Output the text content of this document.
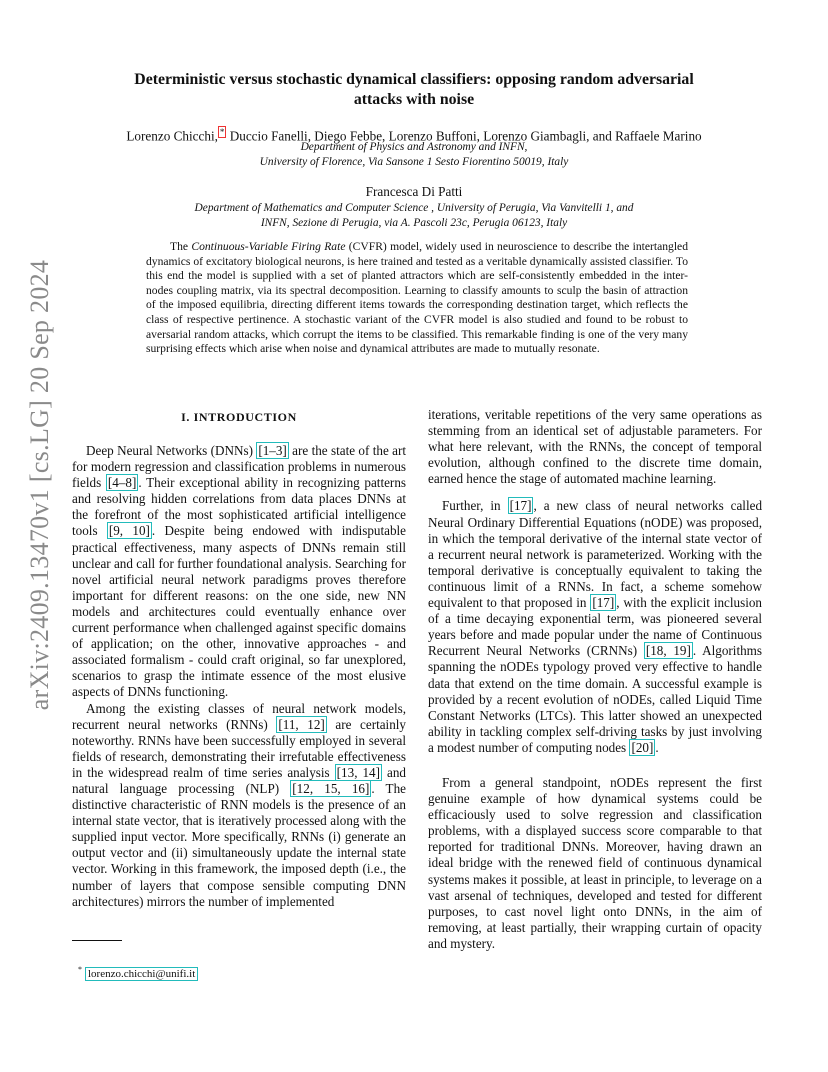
arXiv:2409.13470v1 [cs.LG] 20 Sep 2024
Deterministic versus stochastic dynamical classifiers: opposing random adversarial
attacks with noise
Lorenzo Chicchi, * Duccio Fanelli, Diego Febbe, Lorenzo Buffoni, Lorenzo Giambagli, and Raffaele Marino
Department of Physics and Astronomy and INFN,
University of Florence, Via Sansone 1 Sesto Fiorentino 50019, Italy
Francesca Di Patti
Department of Mathematics and Computer Science , University of Perugia, Via Vanvitelli 1, and
INFN, Sezione di Perugia, via A. Pascoli 23c, Perugia 06123, Italy

The Continuous-Variable Firing Rate (CVFR) model, widely used in neuroscience to describe the intertangled dynamics of excitatory biological neurons, is here trained and tested as a veritable dynamically assisted classifier. To this end the model is supplied with a set of planted attractors which are self-consistently embedded in the inter-nodes coupling matrix, via its spectral decomposition. Learning to classify amounts to sculp the basin of attraction of the imposed equilibria, directing different items towards the corresponding destination target, which reflects the class of respective pertinence. A stochastic variant of the CVFR model is also studied and found to be robust to aversarial random attacks, which corrupt the items to be classified. This remarkable finding is one of the very many surprising effects which arise when noise and dynamical attributes are made to mutually resonate.

I. INTRODUCTION

Deep Neural Networks (DNNs) [1–3] are the state of the art for modern regression and classification problems in numerous fields [4–8] . Their exceptional ability in recognizing patterns and resolving hidden correlations from data places DNNs at the forefront of the most sophisticated artificial intelligence tools [9, 10] . Despite being endowed with indisputable practical effectiveness, many aspects of DNNs remain still unclear and call for further foundational analysis. Searching for novel artificial neural network paradigms proves therefore important for different reasons: on the one side, new NN models and architectures could eventually enhance over current performance when challenged against specific domains of application; on the other, innovative approaches - and associated formalism - could craft original, so far unexplored, scenarios to grasp the intimate essence of the most elusive aspects of DNNs functioning.

Among the existing classes of neural network models, recurrent neural networks (RNNs) [11, 12] are certainly noteworthy. RNNs have been successfully employed in several fields of research, demonstrating their irrefutable effectiveness in the widespread realm of time series analysis [13, 14] and natural language processing (NLP) [12, 15, 16] . The distinctive characteristic of RNN models is the presence of an internal state vector, that is iteratively processed along with the supplied input vector. More specifically, RNNs (i) generate an output vector and (ii) simultaneously update the internal state vector. Working in this framework, the imposed depth (i.e., the number of layers that compose sensible computing DNN architectures) mirrors the number of implemented

iterations, veritable repetitions of the very same operations as stemming from an identical set of adjustable parameters. For what here relevant, with the RNNs, the concept of temporal evolution, although confined to the discrete time domain, earned hence the stage of automated machine learning.

Further, in [17] , a new class of neural networks called Neural Ordinary Differential Equations (nODE) was proposed, in which the temporal derivative of the internal state vector of a recurrent neural network is parameterized. Working with the temporal derivative is conceptually equivalent to taking the continuous limit of a RNNs. In fact, a scheme somehow equivalent to that proposed in [17] , with the explicit inclusion of a time decaying exponential term, was pioneered several years before and made popular under the name of Continuous Recurrent Neural Networks (CRNNs) [18, 19] . Algorithms spanning the nODEs typology proved very effective to handle data that extend on the time domain. A successful example is provided by a recent evolution of nODEs, called Liquid Time Constant Networks (LTCs). This latter showed an unexpected ability in tackling complex self-driving tasks by just involving a modest number of computing nodes [20] .

From a general standpoint, nODEs represent the first genuine example of how dynamical systems could be efficaciously used to solve regression and classification problems, with a displayed success score comparable to that reported for traditional DNNs. Moreover, having drawn an ideal bridge with the renewed field of continuous dynamical systems makes it possible, at least in principle, to leverage on a vast arsenal of techniques, developed and tested for different purposes, to cast novel light onto DNNs, in the aim of removing, at least partially, their wrapping curtain of opacity and mystery.

* lorenzo.chicchi@unifi.it
